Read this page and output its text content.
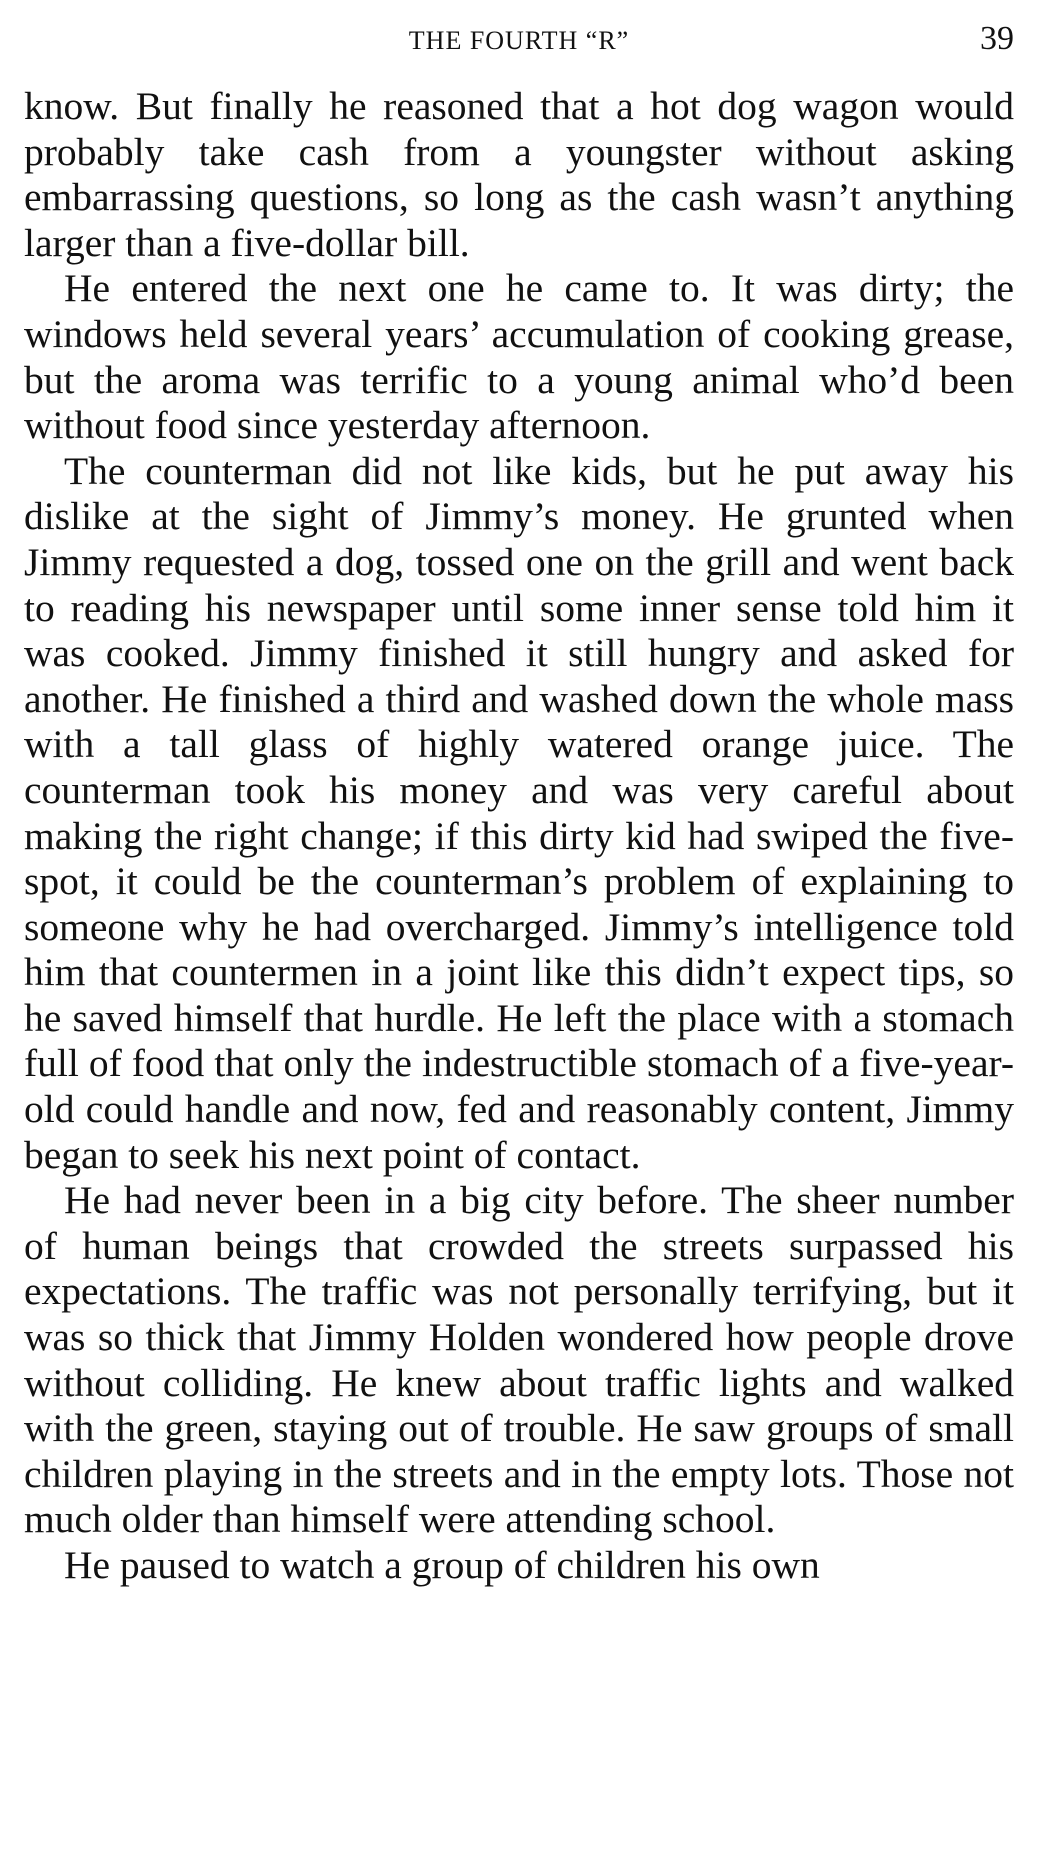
THE FOURTH “R”	39

know. But finally he reasoned that a hot dog wagon would probably take cash from a youngster without asking embarrassing questions, so long as the cash wasn’t anything larger than a five-dollar bill.

He entered the next one he came to. It was dirty; the windows held several years’ accumulation of cooking grease, but the aroma was terrific to a young animal who’d been without food since yesterday afternoon.

The counterman did not like kids, but he put away his dislike at the sight of Jimmy’s money. He grunted when Jimmy requested a dog, tossed one on the grill and went back to reading his newspaper until some inner sense told him it was cooked. Jimmy finished it still hungry and asked for another. He finished a third and washed down the whole mass with a tall glass of highly watered orange juice. The counterman took his money and was very careful about making the right change; if this dirty kid had swiped the five-spot, it could be the counterman’s problem of explaining to someone why he had overcharged. Jimmy’s intelligence told him that countermen in a joint like this didn’t expect tips, so he saved himself that hurdle. He left the place with a stomach full of food that only the indestructible stomach of a five-year-old could handle and now, fed and reasonably content, Jimmy began to seek his next point of contact.

He had never been in a big city before. The sheer number of human beings that crowded the streets surpassed his expectations. The traffic was not personally terrifying, but it was so thick that Jimmy Holden wondered how people drove without colliding. He knew about traffic lights and walked with the green, staying out of trouble. He saw groups of small children playing in the streets and in the empty lots. Those not much older than himself were attending school.

He paused to watch a group of children his own
